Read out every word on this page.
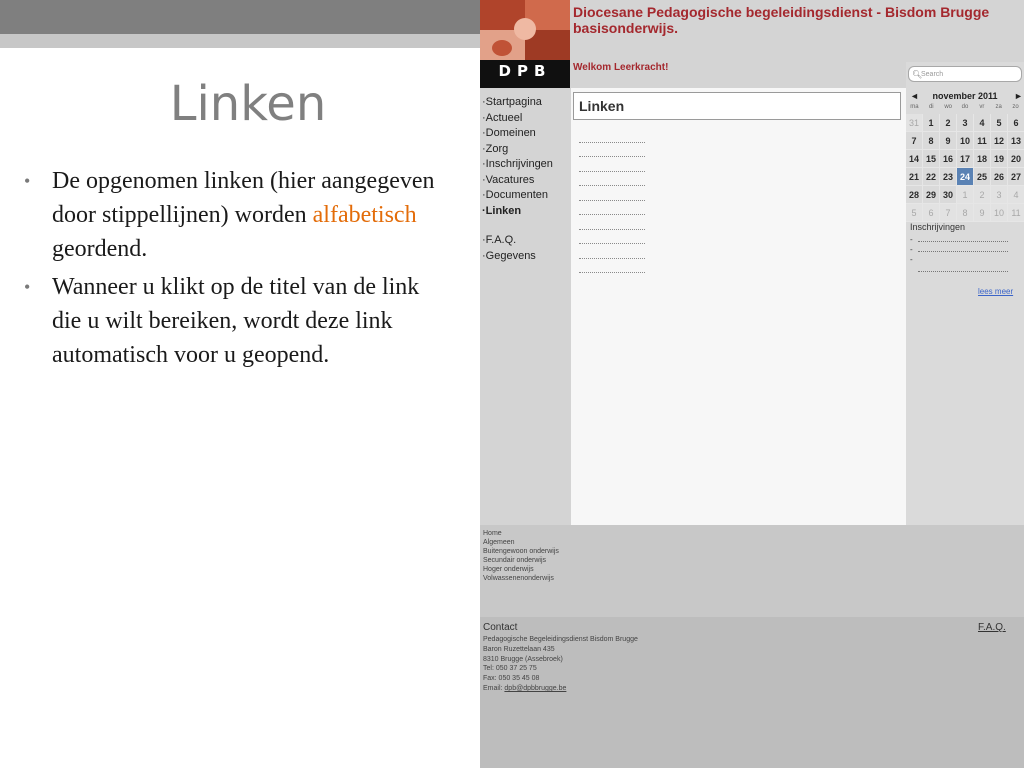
Linken
• De opgenomen linken (hier aangegeven door stippellijnen) worden alfabetisch geordend.
• Wanneer u klikt op de titel van de link die u wilt bereiken, wordt deze link automatisch voor u geopend.
DPB
Diocesane Pedagogische begeleidingsdienst - Bisdom Brugge basisonderwijs.
Welkom Leerkracht!
·Startpagina
·Actueel
·Domeinen
·Zorg
·Inschrijvingen
·Vacatures
·Documenten
·Linken
·F.A.Q.
·Gegevens
Linken
🔍︎
Search
november 2011
◄	►
ma	di	wo	do	vr	za	zo
31	1	2	3	4	5	6
7	8	9	10 11 12 13
14 15 16 17 18 19 20
21 22 23 24 25 26 27
28 29 30	1	2	3	4
5	6	7	8	9	10 11
Inschrijvingen
-
-
-
lees meer
Home
Algemeen
Buitengewoon onderwijs
Secundair onderwijs
Hoger onderwijs
Volwassenenonderwijs
Contact	F.A.Q.
Pedagogische Begeleidingsdienst Bisdom Brugge
Baron Ruzettelaan 435
8310 Brugge (Assebroek)
Tel: 050 37 25 75
Fax: 050 35 45 08
Email: dpb@dpbbrugge.be
